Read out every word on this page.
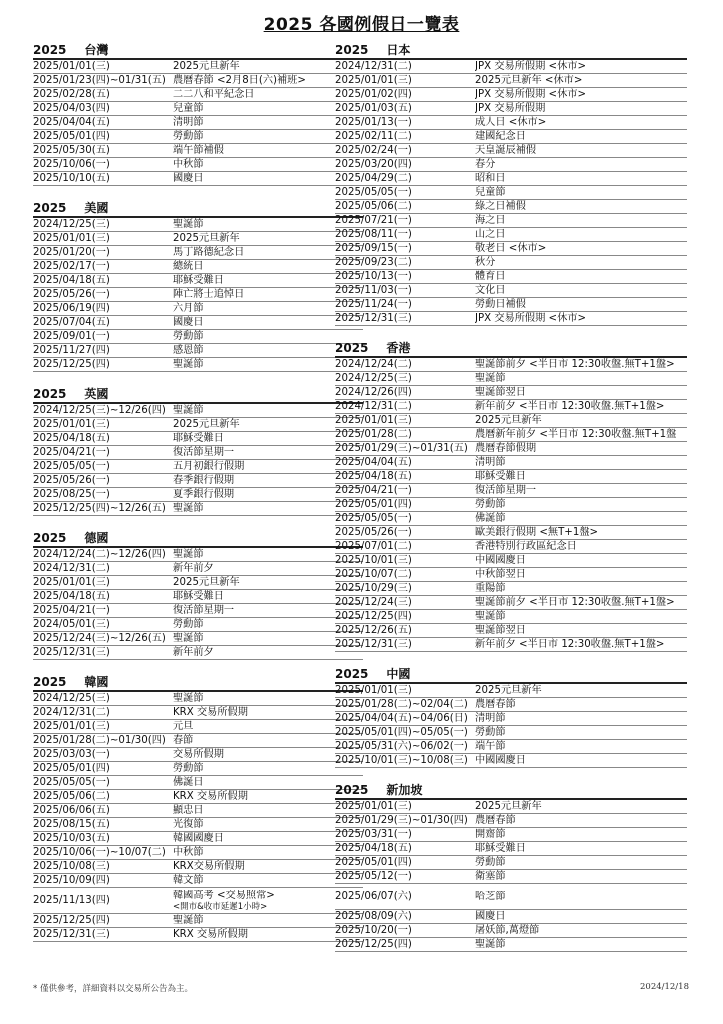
2025 各國例假日一覽表
2025 台灣
2025/01/01(三)	2025元旦新年
2025/01/23(四)~01/31(五) 農曆春節 <2月8日(六)補班>
2025/02/28(五)	二二八和平紀念日
2025/04/03(四)	兒童節
2025/04/04(五)	清明節
2025/05/01(四)	勞動節
2025/05/30(五)	端午節補假
2025/10/06(一)	中秋節
2025/10/10(五)	國慶日
2025 美國
2024/12/25(三)	聖誕節
2025/01/01(三)	2025元旦新年
2025/01/20(一)	馬丁路德紀念日
2025/02/17(一)	總統日
2025/04/18(五)	耶穌受難日
2025/05/26(一)	陣亡將士追悼日
2025/06/19(四)	六月節
2025/07/04(五)	國慶日
2025/09/01(一)	勞動節
2025/11/27(四)	感恩節
2025/12/25(四)	聖誕節
2025 英國
2024/12/25(三)~12/26(四) 聖誕節
2025/01/01(三)	2025元旦新年
2025/04/18(五)	耶穌受難日
2025/04/21(一)	復活節星期一
2025/05/05(一)	五月初銀行假期
2025/05/26(一)	春季銀行假期
2025/08/25(一)	夏季銀行假期
2025/12/25(四)~12/26(五) 聖誕節
2025 德國
2024/12/24(二)~12/26(四) 聖誕節
2024/12/31(二)	新年前夕
2025/01/01(三)	2025元旦新年
2025/04/18(五)	耶穌受難日
2025/04/21(一)	復活節星期一
2024/05/01(三)	勞動節
2025/12/24(三)~12/26(五) 聖誕節
2025/12/31(三)	新年前夕
2025 韓國
2024/12/25(三)	聖誕節
2024/12/31(二)	KRX 交易所假期
2025/01/01(三)	元旦
2025/01/28(二)~01/30(四) 春節
2025/03/03(一)	交易所假期
2025/05/01(四)	勞動節
2025/05/05(一)	佛誕日
2025/05/06(二)	KRX 交易所假期
2025/06/06(五)	顯忠日
2025/08/15(五)	光復節
2025/10/03(五)	韓國國慶日
2025/10/06(一)~10/07(二) 中秋節
2025/10/08(三)	KRX交易所假期
2025/10/09(四)	韓文節
2025/11/13(四)	韓國高考 <交易照常>
<開市&收市延遲1小時>
2025/12/25(四)	聖誕節
2025/12/31(三)	KRX 交易所假期
2025 日本
2024/12/31(二)	JPX 交易所假期 <休市>
2025/01/01(三)	2025元旦新年 <休市>
2025/01/02(四)	JPX 交易所假期 <休市>
2025/01/03(五)	JPX 交易所假期
2025/01/13(一)	成人日 <休市>
2025/02/11(二)	建國紀念日
2025/02/24(一)	天皇誕辰補假
2025/03/20(四)	春分
2025/04/29(二)	昭和日
2025/05/05(一)	兒童節
2025/05/06(二)	綠之日補假
2025/07/21(一)	海之日
2025/08/11(一)	山之日
2025/09/15(一)	敬老日 <休市>
2025/09/23(二)	秋分
2025/10/13(一)	體育日
2025/11/03(一)	文化日
2025/11/24(一)	勞動日補假
2025/12/31(三)	JPX 交易所假期 <休市>
2025 香港
2024/12/24(二)	聖誕節前夕 <半日市 12:30收盤.無T+1盤>
2024/12/25(三)	聖誕節
2024/12/26(四)	聖誕節翌日
2024/12/31(二)	新年前夕 <半日市 12:30收盤.無T+1盤>
2025/01/01(三)	2025元旦新年
2025/01/28(二)	農曆新年前夕 <半日市 12:30收盤.無T+1盤
2025/01/29(三)~01/31(五) 農曆春節假期
2025/04/04(五)	清明節
2025/04/18(五)	耶穌受難日
2025/04/21(一)	復活節星期一
2025/05/01(四)	勞動節
2025/05/05(一)	佛誕節
2025/05/26(一)	歐美銀行假期 <無T+1盤>
2025/07/01(二)	香港特別行政區紀念日
2025/10/01(三)	中國國慶日
2025/10/07(二)	中秋節翌日
2025/10/29(三)	重陽節
2025/12/24(三)	聖誕節前夕 <半日市 12:30收盤.無T+1盤>
2025/12/25(四)	聖誕節
2025/12/26(五)	聖誕節翌日
2025/12/31(三)	新年前夕 <半日市 12:30收盤.無T+1盤>
2025 中國
2025/01/01(三)	2025元旦新年
2025/01/28(二)~02/04(二) 農曆春節
2025/04/04(五)~04/06(日) 清明節
2025/05/01(四)~05/05(一) 勞動節
2025/05/31(六)~06/02(一) 端午節
2025/10/01(三)~10/08(三) 中國國慶日
2025 新加坡
2025/01/01(三)	2025元旦新年
2025/01/29(三)~01/30(四) 農曆春節
2025/03/31(一)	開齋節
2025/04/18(五)	耶穌受難日
2025/05/01(四)	勞動節
2025/05/12(一)	衛塞節
2025/06/07(六)	哈芝節
2025/08/09(六)	國慶日
2025/10/20(一)	屠妖節,萬燈節
2025/12/25(四)	聖誕節
* 僅供參考，詳細資料以交易所公告為主。	2024/12/18
